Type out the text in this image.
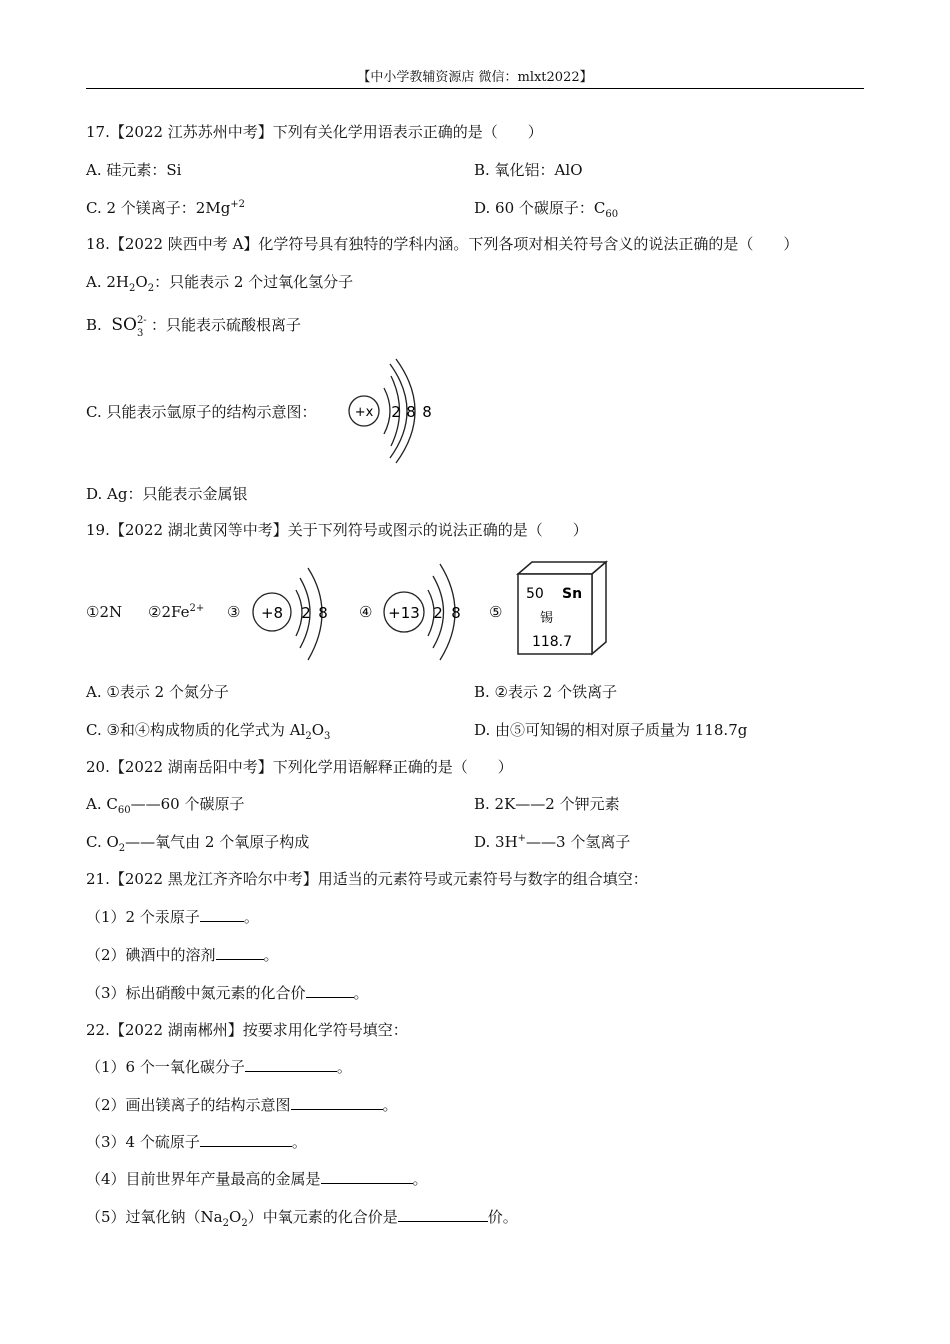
【中小学教辅资源店 微信：mlxt2022】
17.【2022 江苏苏州中考】下列有关化学用语表示正确的是（　　）
A. 硅元素：Si	B. 氧化铝：AlO
C. 2 个镁离子：$2Mg^{+2}$	D. 60 个碳原子：$C_{60}$
18.【2022 陕西中考 A】化学符号具有独特的学科内涵。下列各项对相关符号含义的说法正确的是（　　）
A. $2H_2O_2$：只能表示 2 个过氧化氢分子
B. SO 2-
3 ：只能表示硫酸根离子
C. 只能表示氩原子的结构示意图：	+x 2 8 8
D. Ag：只能表示金属银
19.【2022 湖北黄冈等中考】关于下列符号或图示的说法正确的是（　　）
①2N $②2Fe^{2+}$ ③ +8 2 8 ④ +13 2 8 ⑤
50 Sn
锡
118.7
A. ①表示 2 个氮分子	B. ②表示 2 个铁离子
C. ③和④构成物质的化学式为 $Al_2O_3$	D. 由⑤可知锡的相对原子质量为 118.7g
20.【2022 湖南岳阳中考】下列化学用语解释正确的是（　　）
A. $C_{60}——60$ 个碳原子	B. 2K——2 个钾元素
C. $O_2——$氧气由 2 个氧原子构成	D. 3H+——3 个氢离子
21.【2022 黑龙江齐齐哈尔中考】用适当的元素符号或元素符号与数字的组合填空：
（1）2 个汞原子	。
（2）碘酒中的溶剂	。
（3）标出硝酸中氮元素的化合价	。
22.【2022 湖南郴州】按要求用化学符号填空：
（1）6 个一氧化碳分子	。
（2）画出镁离子的结构示意图	。
（3）4 个硫原子	。
（4）目前世界年产量最高的金属是	。
（5）过氧化钠$(Na_2O_2)$中氧元素的化合价是	价。
